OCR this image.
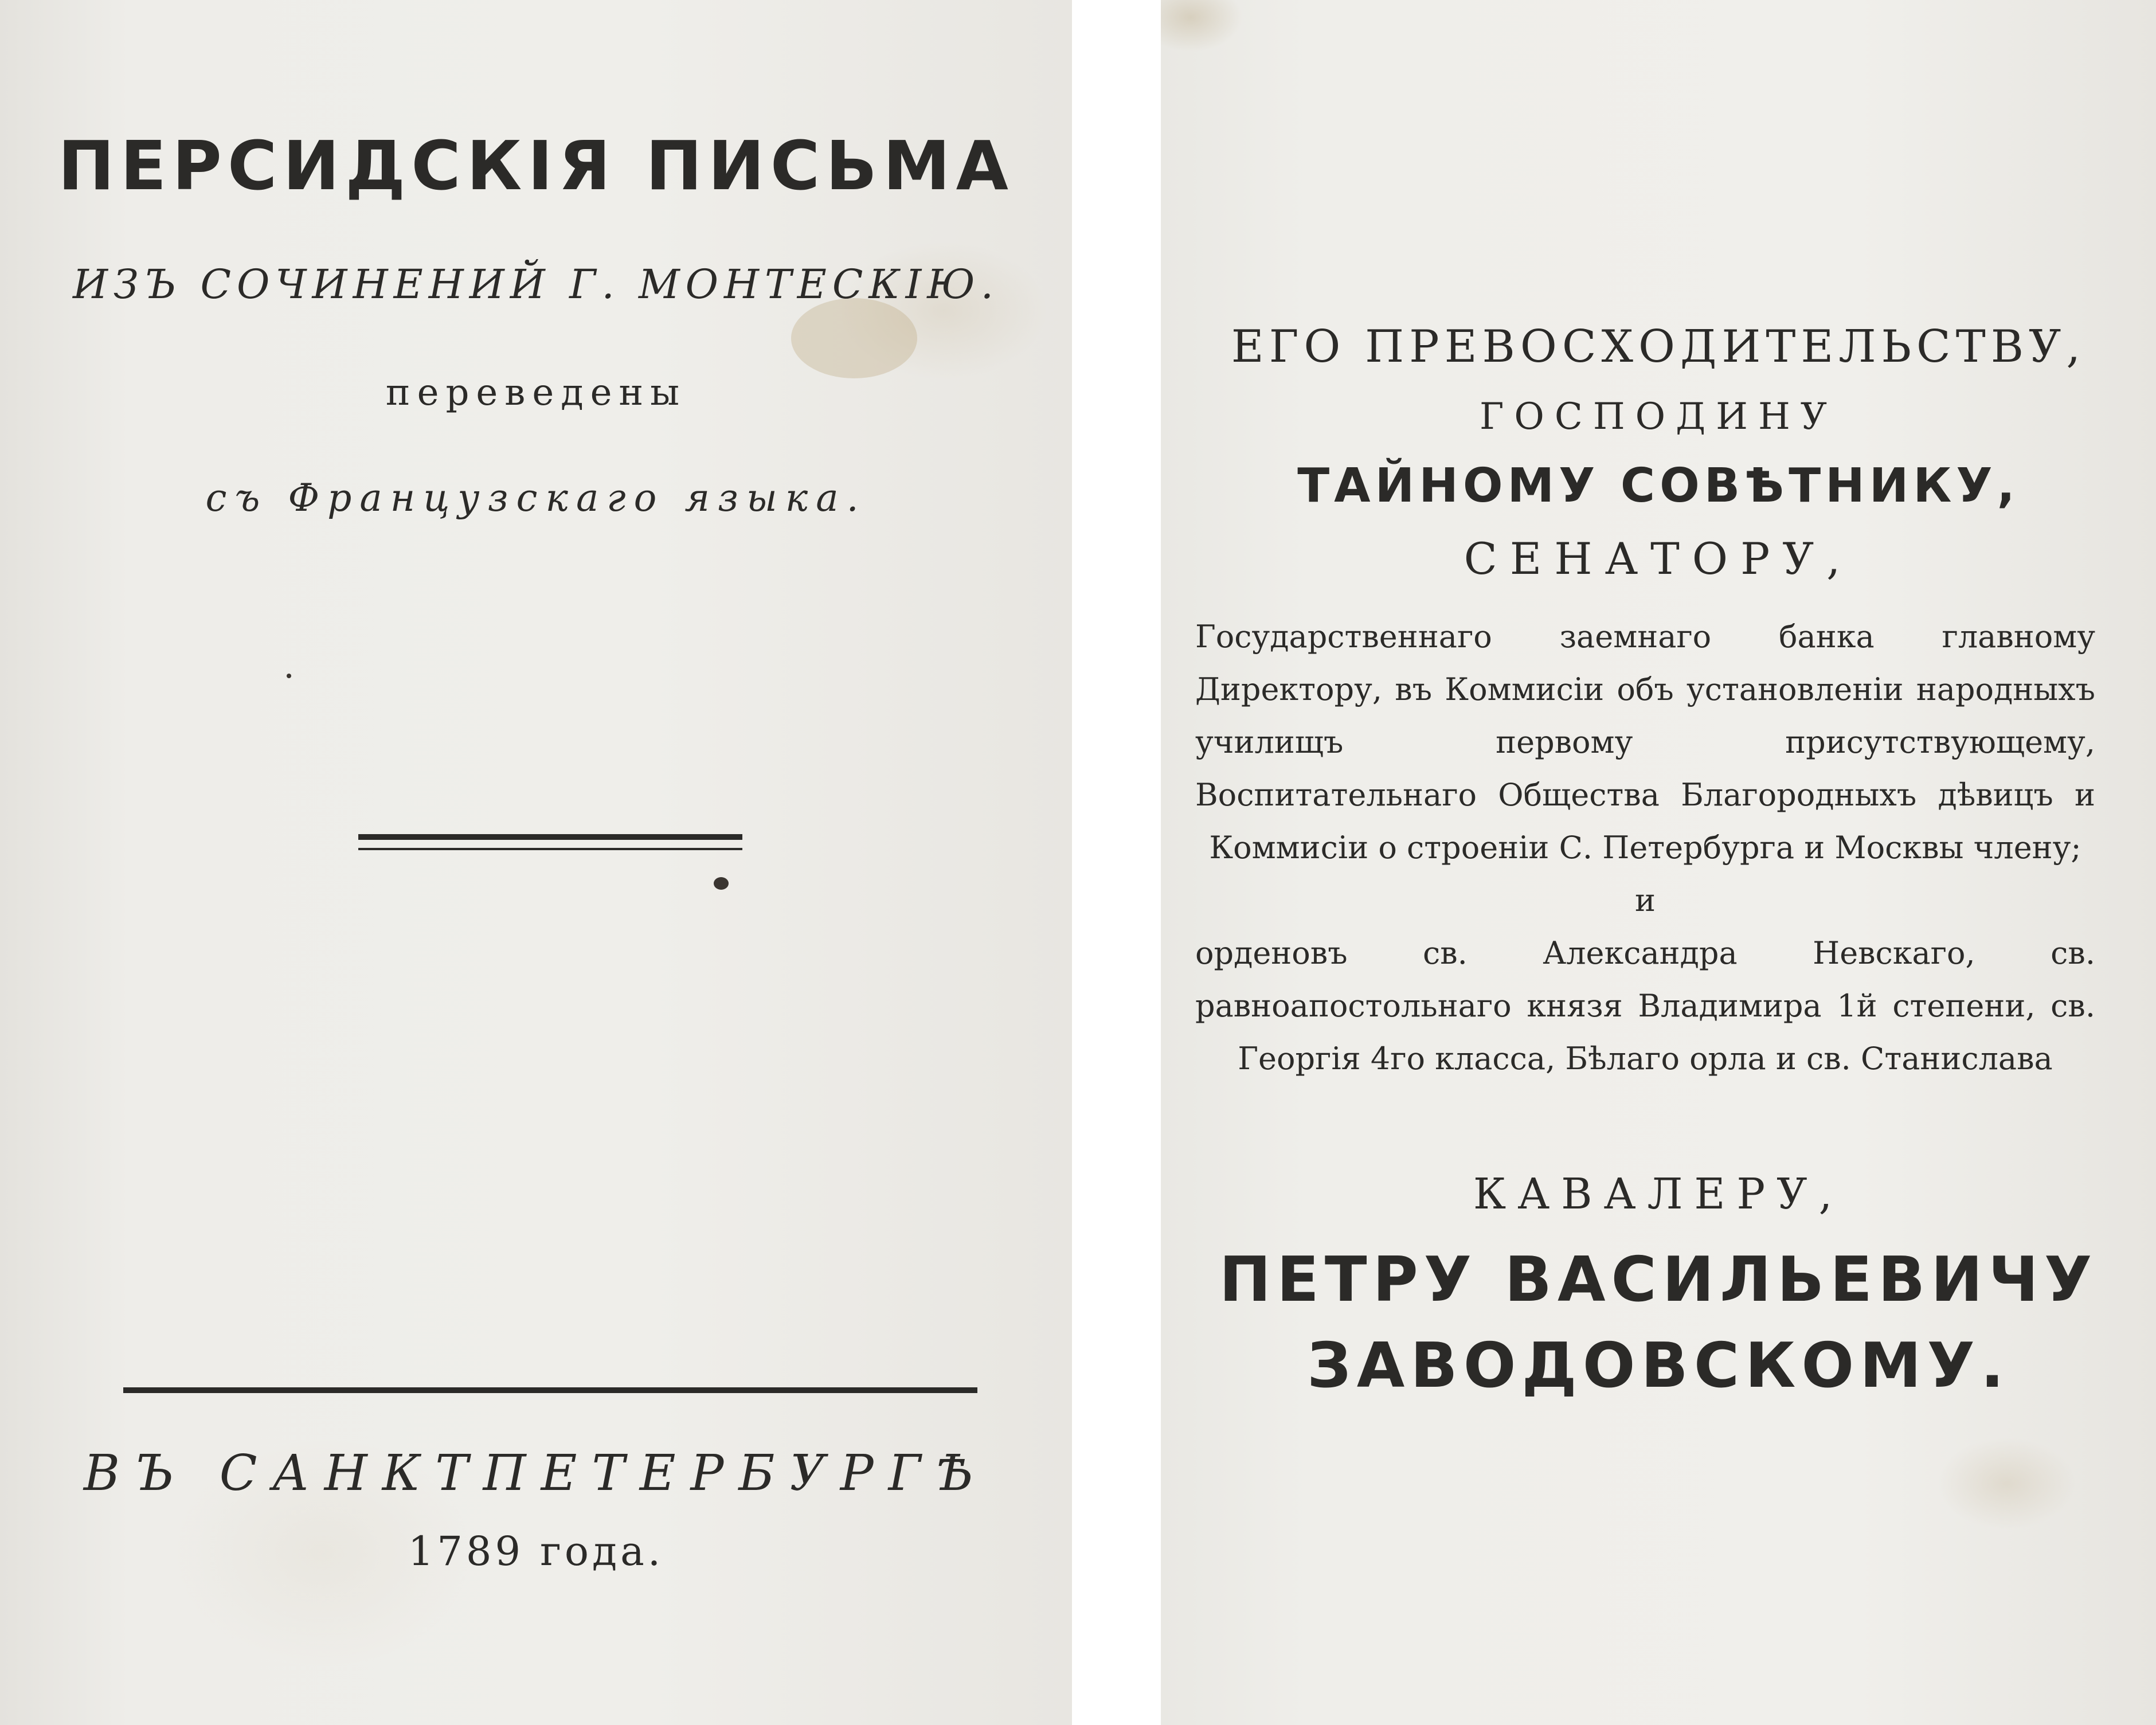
ПЕРСИДСКІЯ ПИСЬМА
ИЗЪ СОЧИНЕНИЙ Г. МОНТЕСКІЮ.
переведены
съ Французскаго языка.
ВЪ САНКТПЕТЕРБУРГѢ
1789 года.
ЕГО ПРЕВОСХОДИТЕЛЬСТВУ,
ГОСПОДИНУ
ТАЙНОМУ СОВѢТНИКУ,
СЕНАТОРУ,

Государственнаго заемнаго банка главному Директору, въ Коммисіи объ установленіи народныхъ училищъ первому присутствующему, Воспитательнаго Общества Благородныхъ дѣвицъ и Коммисіи о строеніи С. Петербурга и Москвы члену;

и

орденовъ св. Александра Невскаго, св. равноапостольнаго князя Владимира 1й степени, св. Георгія 4го класса, Бѣлаго орла и св. Станислава

КАВАЛЕРУ,
ПЕТРУ ВАСИЛЬЕВИЧУ
ЗАВОДОВСКОМУ.
